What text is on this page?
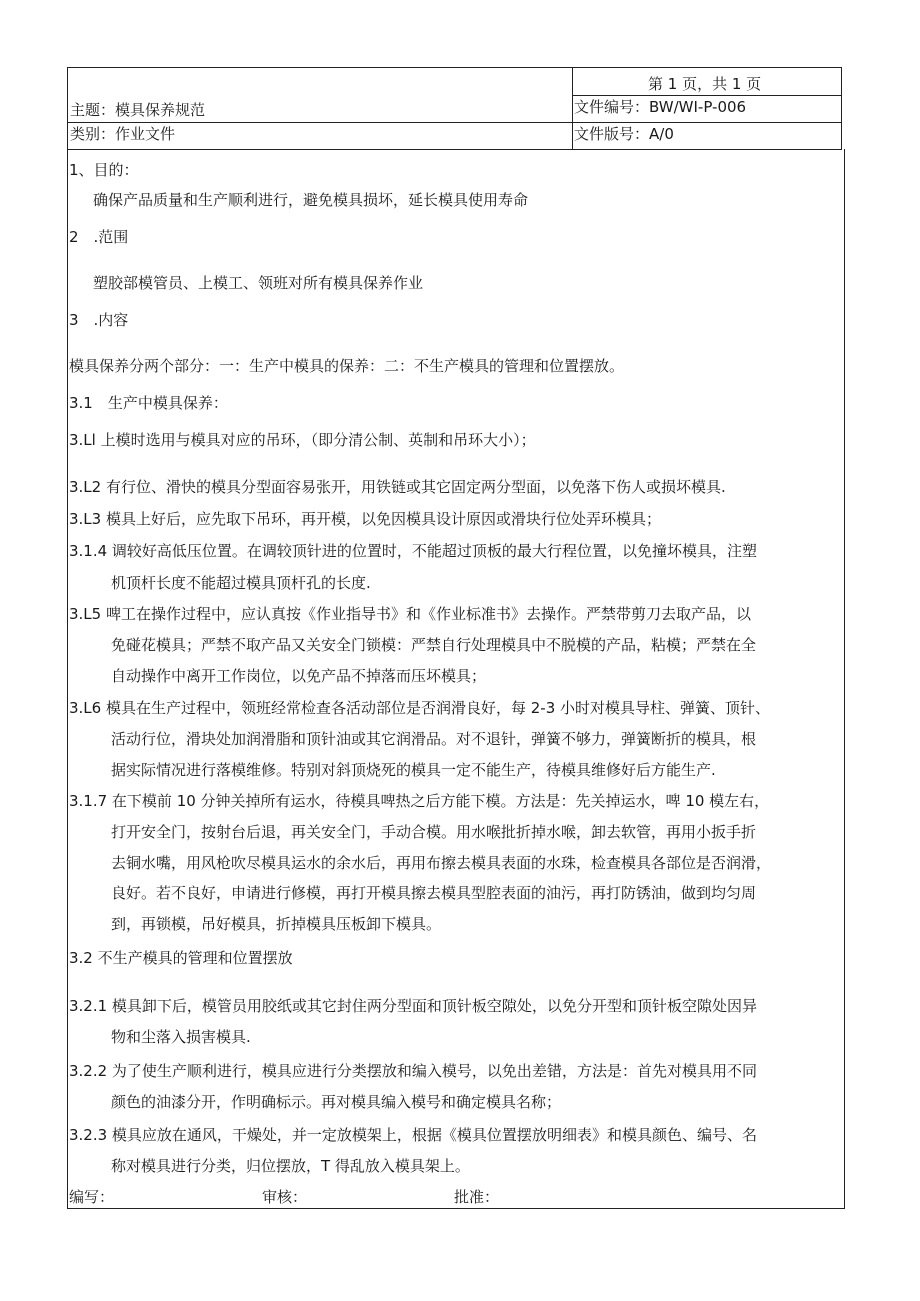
第 1 页，共 1 页
主题：模具保养规范	文件编号：BW/WI-P-006
类别：作业文件	文件版号：A/0
1、目的：
确保产品质量和生产顺利进行，避免模具损坏，延长模具使用寿命
2　.范围
塑胶部模管员、上模工、领班对所有模具保养作业
3　.内容
模具保养分两个部分：一：生产中模具的保养：二：不生产模具的管理和位置摆放。
3.1　生产中模具保养：
3.Ll 上模时选用与模具对应的吊环，（即分清公制、英制和吊环大小）；
3.L2 有行位、滑快的模具分型面容易张开，用铁链或其它固定两分型面，以免落下伤人或损坏模具.
3.L3 模具上好后，应先取下吊环，再开模，以免因模具设计原因或滑块行位处弄环模具；
3.1.4 调较好高低压位置。在调较顶针进的位置时，不能超过顶板的最大行程位置，以免撞坏模具，注塑
机顶杆长度不能超过模具顶杆孔的长度.
3.L5 啤工在操作过程中，应认真按《作业指导书》和《作业标准书》去操作。严禁带剪刀去取产品，以
免碰花模具；严禁不取产品又关安全门锁模：严禁自行处理模具中不脱模的产品，粘模；严禁在全
自动操作中离开工作岗位，以免产品不掉落而压坏模具；
3.L6 模具在生产过程中，领班经常检查各活动部位是否润滑良好，每 2-3 小时对模具导柱、弹簧、顶针、
活动行位，滑块处加润滑脂和顶针油或其它润滑品。对不退针，弹簧不够力，弹簧断折的模具，根
据实际情况进行落模维修。特别对斜顶烧死的模具一定不能生产，待模具维修好后方能生产.
3.1.7 在下模前 10 分钟关掉所有运水，待模具啤热之后方能下模。方法是：先关掉运水，啤 10 模左右，
打开安全门，按射台后退，再关安全门，手动合模。用水喉批折掉水喉，卸去软管，再用小扳手折
去铜水嘴，用风枪吹尽模具运水的余水后，再用布擦去模具表面的水珠，检查模具各部位是否润滑，
良好。若不良好，申请进行修模，再打开模具擦去模具型腔表面的油污，再打防锈油，做到均匀周
到，再锁模，吊好模具，折掉模具压板卸下模具。
3.2 不生产模具的管理和位置摆放
3.2.1 模具卸下后，模管员用胶纸或其它封住两分型面和顶针板空隙处，以免分开型和顶针板空隙处因异
物和尘落入损害模具.
3.2.2 为了使生产顺利进行，模具应进行分类摆放和编入模号，以免出差错，方法是：首先对模具用不同
颜色的油漆分开，作明确标示。再对模具编入模号和确定模具名称；
3.2.3 模具应放在通风，干燥处，并一定放模架上，根据《模具位置摆放明细表》和模具颜色、编号、名
称对模具进行分类，归位摆放，T 得乱放入模具架上。
编写：	审核：	批准：
